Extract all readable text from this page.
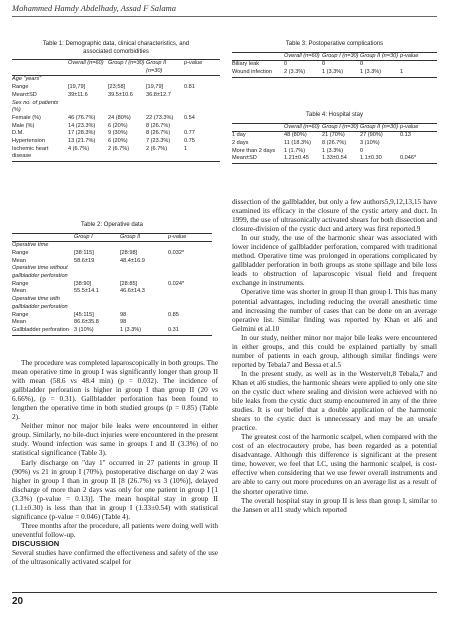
Mohammed Hamdy Abdelhady, Assad F Salama
Table 1: Demographic data, clinical characteristics, and associated comorbidities
	Overall (n=60)	Group I (n=30)	Group II (n=30)	p-value
Age "years"				
Range	[19,79]	[23;58]	[19,79]	0.81
Mean±SD	39±11.6	39.5±10.6	36.8±12.7	
Sex no. of patients (%)				
Female (%)	46 (76.7%)	24 (80%)	22 (73.3%)	0.54
Male (%)	14 (23.3%)	6 (20%)	8 (26.7%)	
D.M.	17 (28.3%)	9 (30%)	8 (26.7%)	0.77
Hypertension	13 (21.7%)	6 (20%)	7 (23.3%)	0.75
Ischemic heart disease	4 (6.7%)	2 (6.7%)	2 (6.7%)	1
Table 2: Operative data
	Group I	Group II	p-value
Operative time			
Range	[38:115]	[28:98]	0.032*
Mean	58.6±19	48.4±16.9	
Operative time without gallbladder perforation			
Range	[38:90]	[28:85]	0.024*
Mean	55.5±14.1	46.6±14.3	
Operative time with gallbladder perforation			
Range	[45:115]	98	0.85
Mean	86.6±35.8	98	
Gallbladder perforation	3 (10%)	1 (3.3%)	0.31
Table 3: Postoperative complications
	Overall (n=60)	Group I (n=30)	Group II (n=30)	p-value
Biliary leak	0	0	0	
Wound infection	2 (3.3%)	1 (3.3%)	1 (3.3%)	1
Table 4: Hospital stay
	Overall (n=60)	Group I (n=30)	Group II (n=30)	p-value
1 day	48 (80%)	21 (70%)	27 (90%)	0.13
2 days	11 (18.3%)	8 (26.7%)	3 (10%)	
More than 2 days	1 (1.7%)	1 (3.3%)	0	
Mean±SD	1.21±0.45	1.33±0.54	1.1±0.30	0.046*

The procedure was completed laparoscopically in both groups. The mean operative time in group I was significantly longer than group II with mean (58.6 vs 48.4 min) (p = 0.032). The incidence of gallbladder perforation is higher in group I than group II (20 vs 6.66%), (p = 0.31). Gallbladder perforation has been found to lengthen the operative time in both studied groups (p = 0.85) (Table 2).

Neither minor nor major bile leaks were encountered in either group. Similarly, no bile-duct injuries were encountered in the present study. Wound infection was same in groups I and II (3.3%) of no statistical significance (Table 3).

Early discharge on "day 1" occurred in 27 patients in group II (90%) vs 21 in group I (70%), postoperative discharge on day 2 was higher in group I than in group II [8 (26.7%) vs 3 (10%)], delayed discharge of more than 2 days was only for one patient in group I [1 (3.3%) (p-value = 0.13)]. The mean hospital stay in group II (1.1±0.30) is less than that in group I (1.33±0.54) with statistical significance (p-value = 0.046) (Table 4).

Three months after the procedure, all patients were doing well with uneventful follow-up.

DISCUSSION

Several studies have confirmed the effectiveness and safety of the use of the ultrasonically activated scalpel for

dissection of the gallbladder, but only a few authors5,9,12,13,15 have examined its efficacy in the closure of the cystic artery and duct. In 1999, the use of ultrasonically activated shears for both dissection and closure-division of the cystic duct and artery was first reported.9

In our study, the use of the harmonic shear was associated with lower incidence of gallbladder perforation, compared with traditional method. Operative time was prolonged in operations complicated by gallbladder perforation in both groups as stone spillage and bile loss leads to obstruction of laparoscopic visual field and frequent exchange in instruments.

Operative time was shorter in group II than group I. This has many potential advantages, including reducing the overall anesthetic time and increasing the number of cases that can be done on an average operative list. Similar finding was reported by Khan et al6 and Gelmini et al.10

In our study, neither minor nor major bile leaks were encountered in either groups, and this could be explained partially by small number of patients in each group, although similar findings were reported by Tebala7 and Bessa et al.5

In the present study, as well as in the Westervelt,8 Tebala,7 and Khan et al6 studies, the harmonic shears were applied to only one site on the cystic duct where sealing and division were achieved with no bile leaks from the cystic duct stump encountered in any of the three studies. It is our belief that a double application of the harmonic shears to the cystic duct is unnecessary and may be an unsafe practice.

The greatest cost of the harmonic scalpel, when compared with the cost of an electrocautery probe, has been regarded as a potential disadvantage. Although this difference is significant at the present time, however, we feel that LC, using the harmonic scalpel, is cost-effective when considering that we use fewer overall instruments and are able to carry out more procedures on an average list as a result of the shorter operative time.

The overall hospital stay in group II is less than group I, similar to the Jansen et al11 study which reported

20
